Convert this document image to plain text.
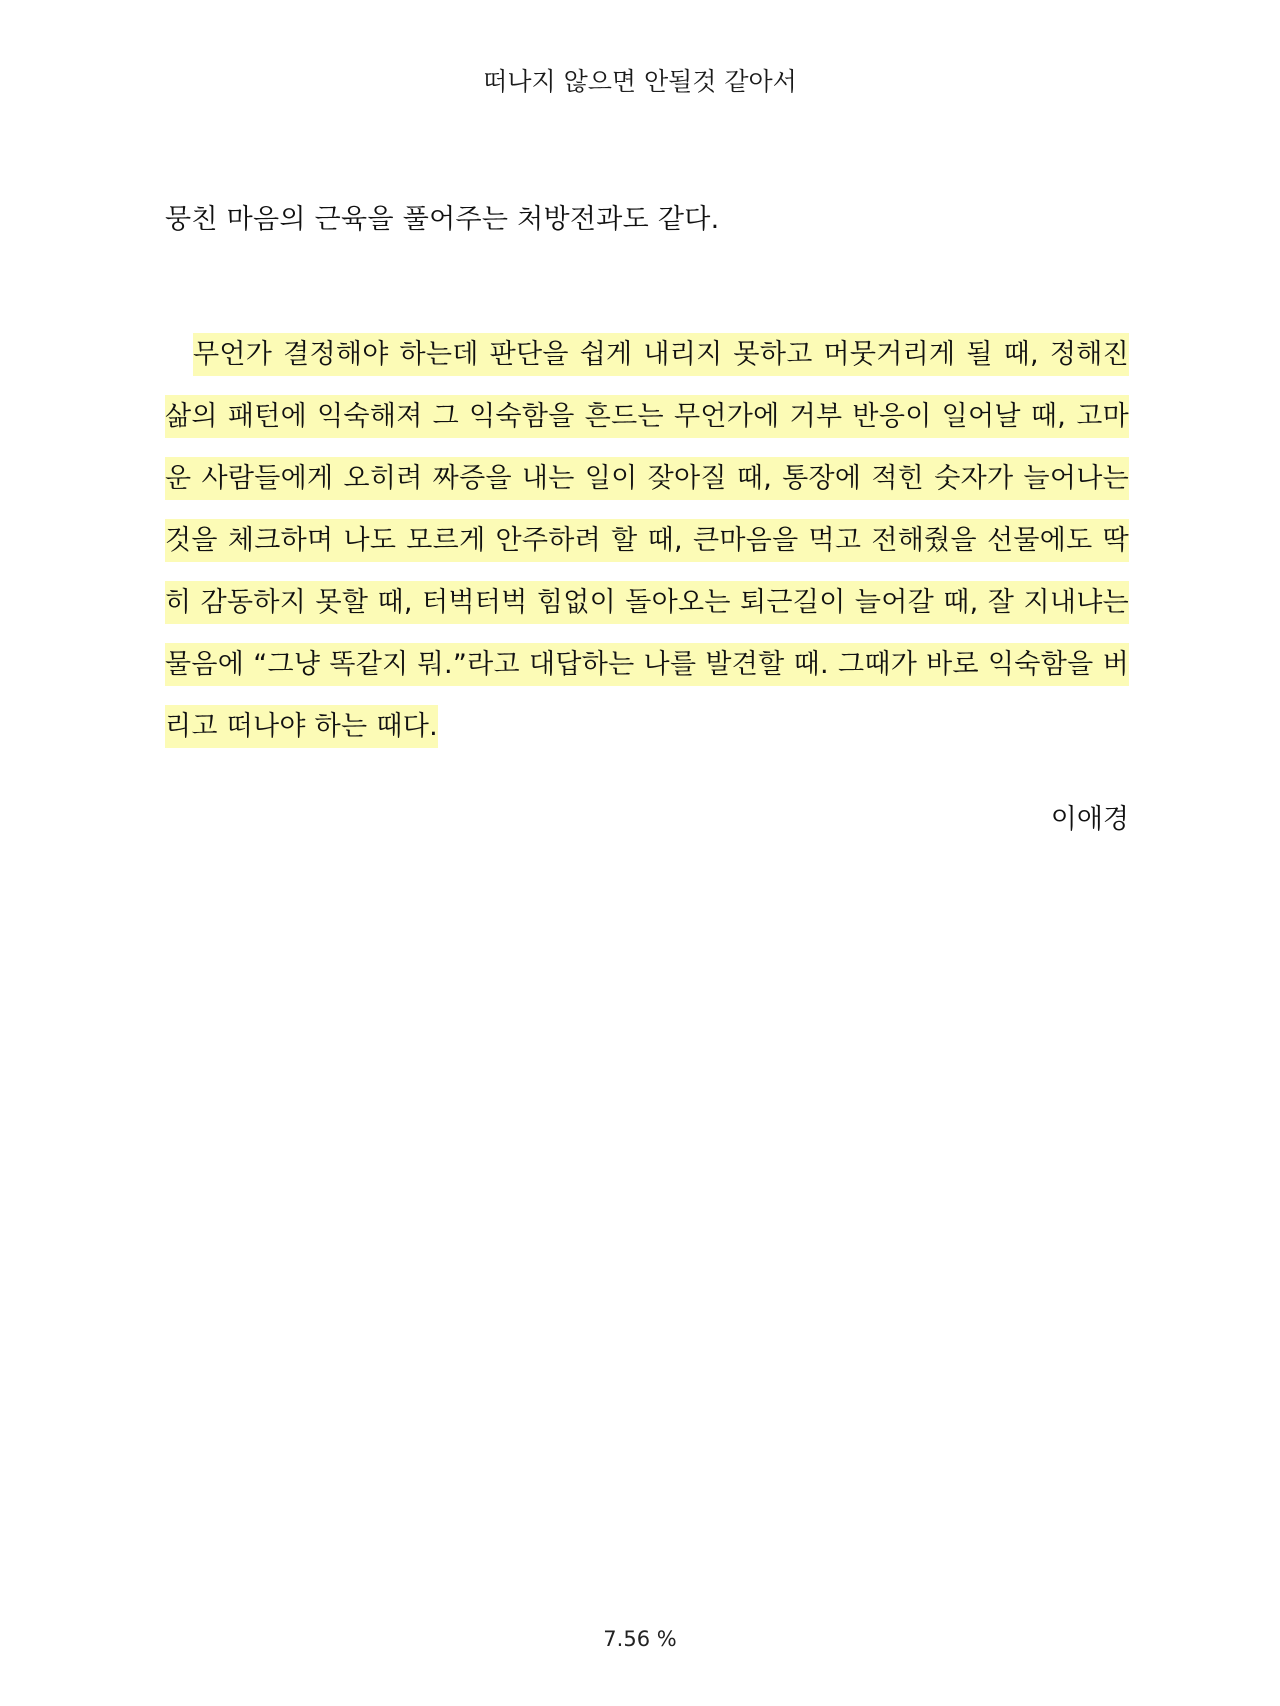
떠나지 않으면 안될것 같아서

뭉친 마음의 근육을 풀어주는 처방전과도 같다.

무언가 결정해야 하는데 판단을 쉽게 내리지 못하고 머뭇거리게 될 때, 정해진 삶의 패턴에 익숙해져 그 익숙함을 흔드는 무언가에 거부 반응이 일어날 때, 고마운 사람들에게 오히려 짜증을 내는 일이 잦아질 때, 통장에 적힌 숫자가 늘어나는 것을 체크하며 나도 모르게 안주하려 할 때, 큰마음을 먹고 전해줬을 선물에도 딱히 감동하지 못할 때, 터벅터벅 힘없이 돌아오는 퇴근길이 늘어갈 때, 잘 지내냐는 물음에 “그냥 똑같지 뭐.”라고 대답하는 나를 발견할 때. 그때가 바로 익숙함을 버리고 떠나야 하는 때다.

이애경
7.56 %
